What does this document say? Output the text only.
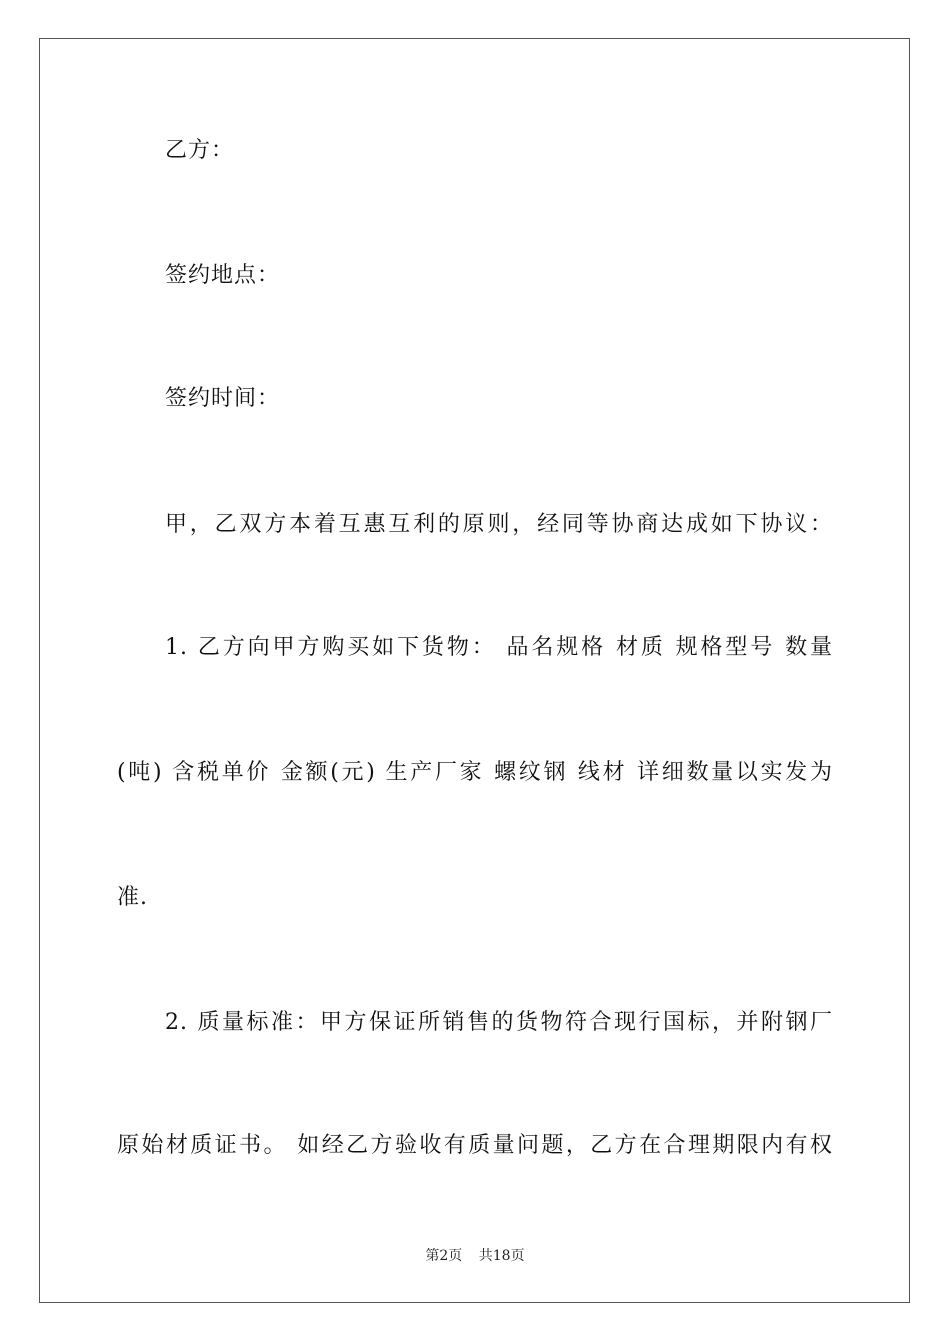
乙方：
签约地点：
签约时间：
甲，乙双方本着互惠互利的原则，经同等协商达成如下协议：
1. 乙方向甲方购买如下货物： 品名规格 材质 规格型号 数量
(吨) 含税单价 金额(元) 生产厂家 螺纹钢 线材 详细数量以实发为
准.
2. 质量标准：甲方保证所销售的货物符合现行国标，并附钢厂
原始材质证书。 如经乙方验收有质量问题，乙方在合理期限内有权
第2页 共18页
